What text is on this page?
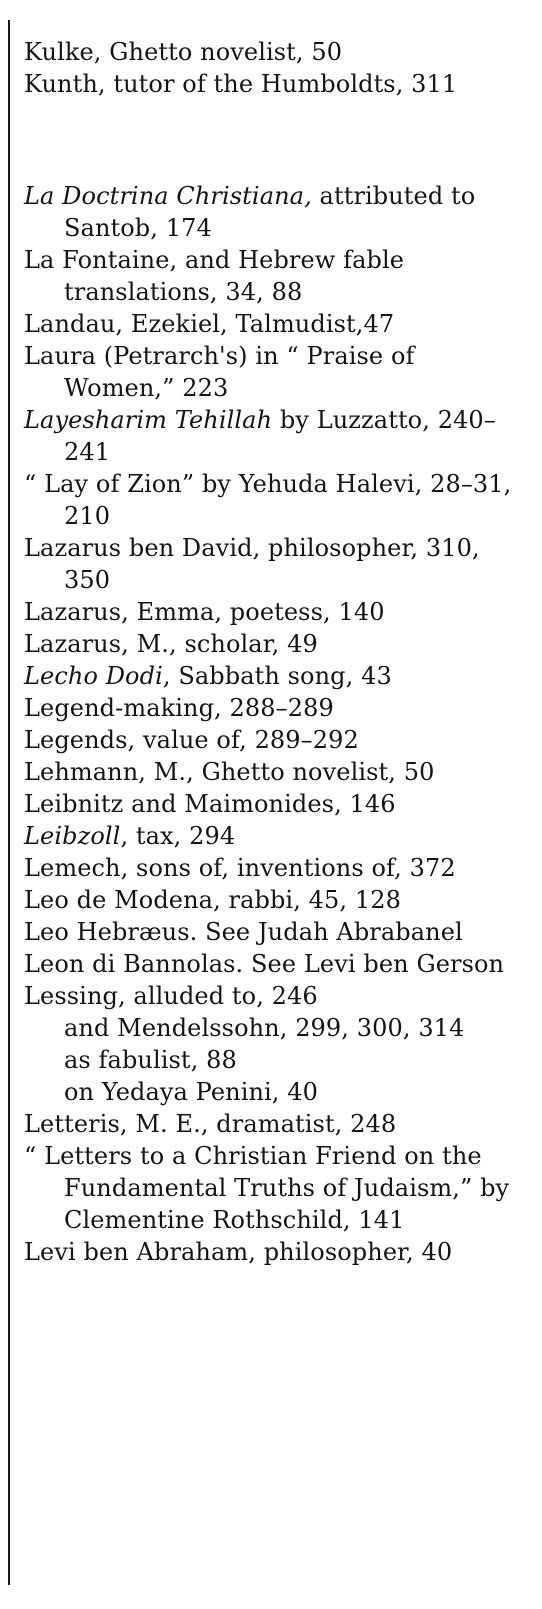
Kulke, Ghetto novelist, 50

Kunth, tutor of the Humboldts, 311

La Doctrina Christiana, attributed to Santob, 174

La Fontaine, and Hebrew fable translations, 34, 88

Landau, Ezekiel, Talmudist,47

Laura (Petrarch's) in “ Praise of Women,” 223

Layesharim Tehillah by Luzzatto, 240–241

“ Lay of Zion” by Yehuda Halevi, 28–31, 210

Lazarus ben David, philosopher, 310, 350

Lazarus, Emma, poetess, 140

Lazarus, M., scholar, 49

Lecho Dodi, Sabbath song, 43

Legend-making, 288–289

Legends, value of, 289–292

Lehmann, M., Ghetto novelist, 50

Leibnitz and Maimonides, 146

Leibzoll, tax, 294

Lemech, sons of, inventions of, 372

Leo de Modena, rabbi, 45, 128

Leo Hebræus. See Judah Abrabanel

Leon di Bannolas. See Levi ben Gerson

Lessing, alluded to, 246

and Mendelssohn, 299, 300, 314

as fabulist, 88

on Yedaya Penini, 40

Letteris, M. E., dramatist, 248

“ Letters to a Christian Friend on the Fundamental Truths of Judaism,” by Clementine Rothschild, 141

Levi ben Abraham, philosopher, 40
